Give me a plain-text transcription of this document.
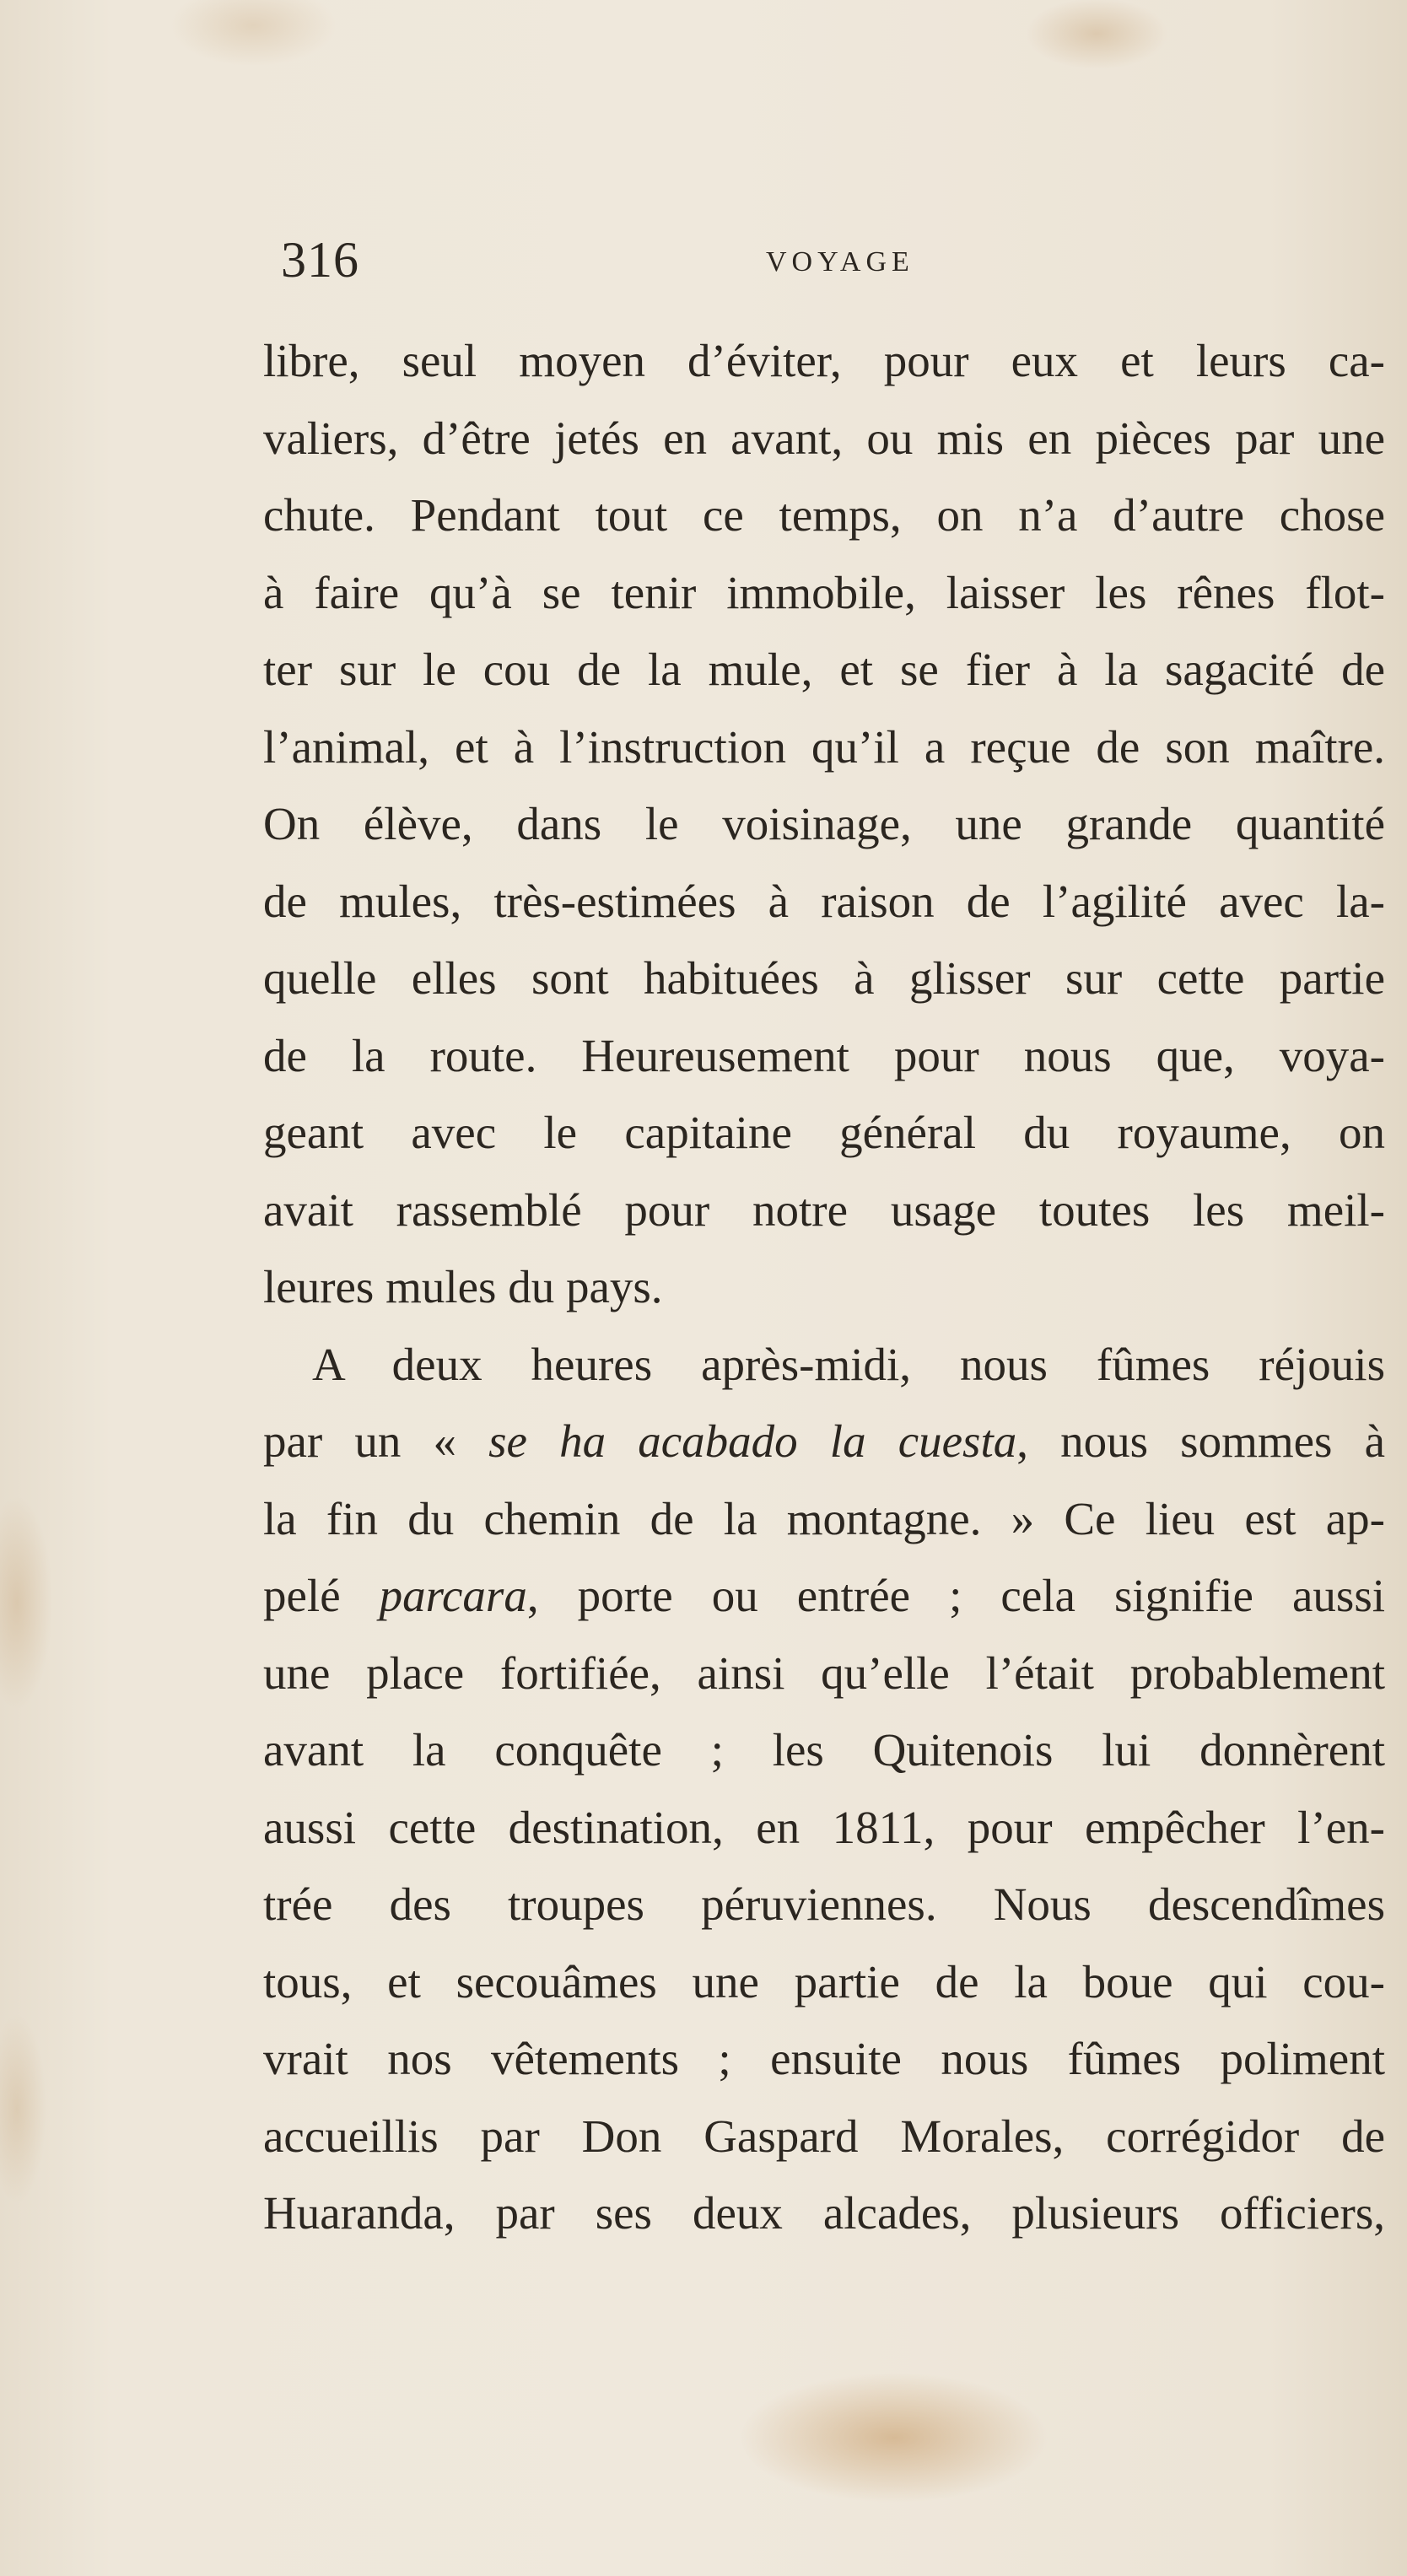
316	VOYAGE
libre, seul moyen d’éviter, pour eux et leurs ca-
valiers, d’être jetés en avant, ou mis en pièces par une
chute. Pendant tout ce temps, on n’a d’autre chose
à faire qu’à se tenir immobile, laisser les rênes flot-
ter sur le cou de la mule, et se fier à la sagacité de
l’animal, et à l’instruction qu’il a reçue de son maître.
On élève, dans le voisinage, une grande quantité
de mules, très-estimées à raison de l’agilité avec la-
quelle elles sont habituées à glisser sur cette partie
de la route. Heureusement pour nous que, voya-
geant avec le capitaine général du royaume, on
avait rassemblé pour notre usage toutes les meil-
leures mules du pays.
A deux heures après-midi, nous fûmes réjouis
par un « se ha acabado la cuesta, nous sommes à
la fin du chemin de la montagne. » Ce lieu est ap-
pelé parcara, porte ou entrée ; cela signifie aussi
une place fortifiée, ainsi qu’elle l’était probablement
avant la conquête ; les Quitenois lui donnèrent
aussi cette destination, en 1811, pour empêcher l’en-
trée des troupes péruviennes. Nous descendîmes
tous, et secouâmes une partie de la boue qui cou-
vrait nos vêtements ; ensuite nous fûmes poliment
accueillis par Don Gaspard Morales, corrégidor de
Huaranda, par ses deux alcades, plusieurs officiers,
